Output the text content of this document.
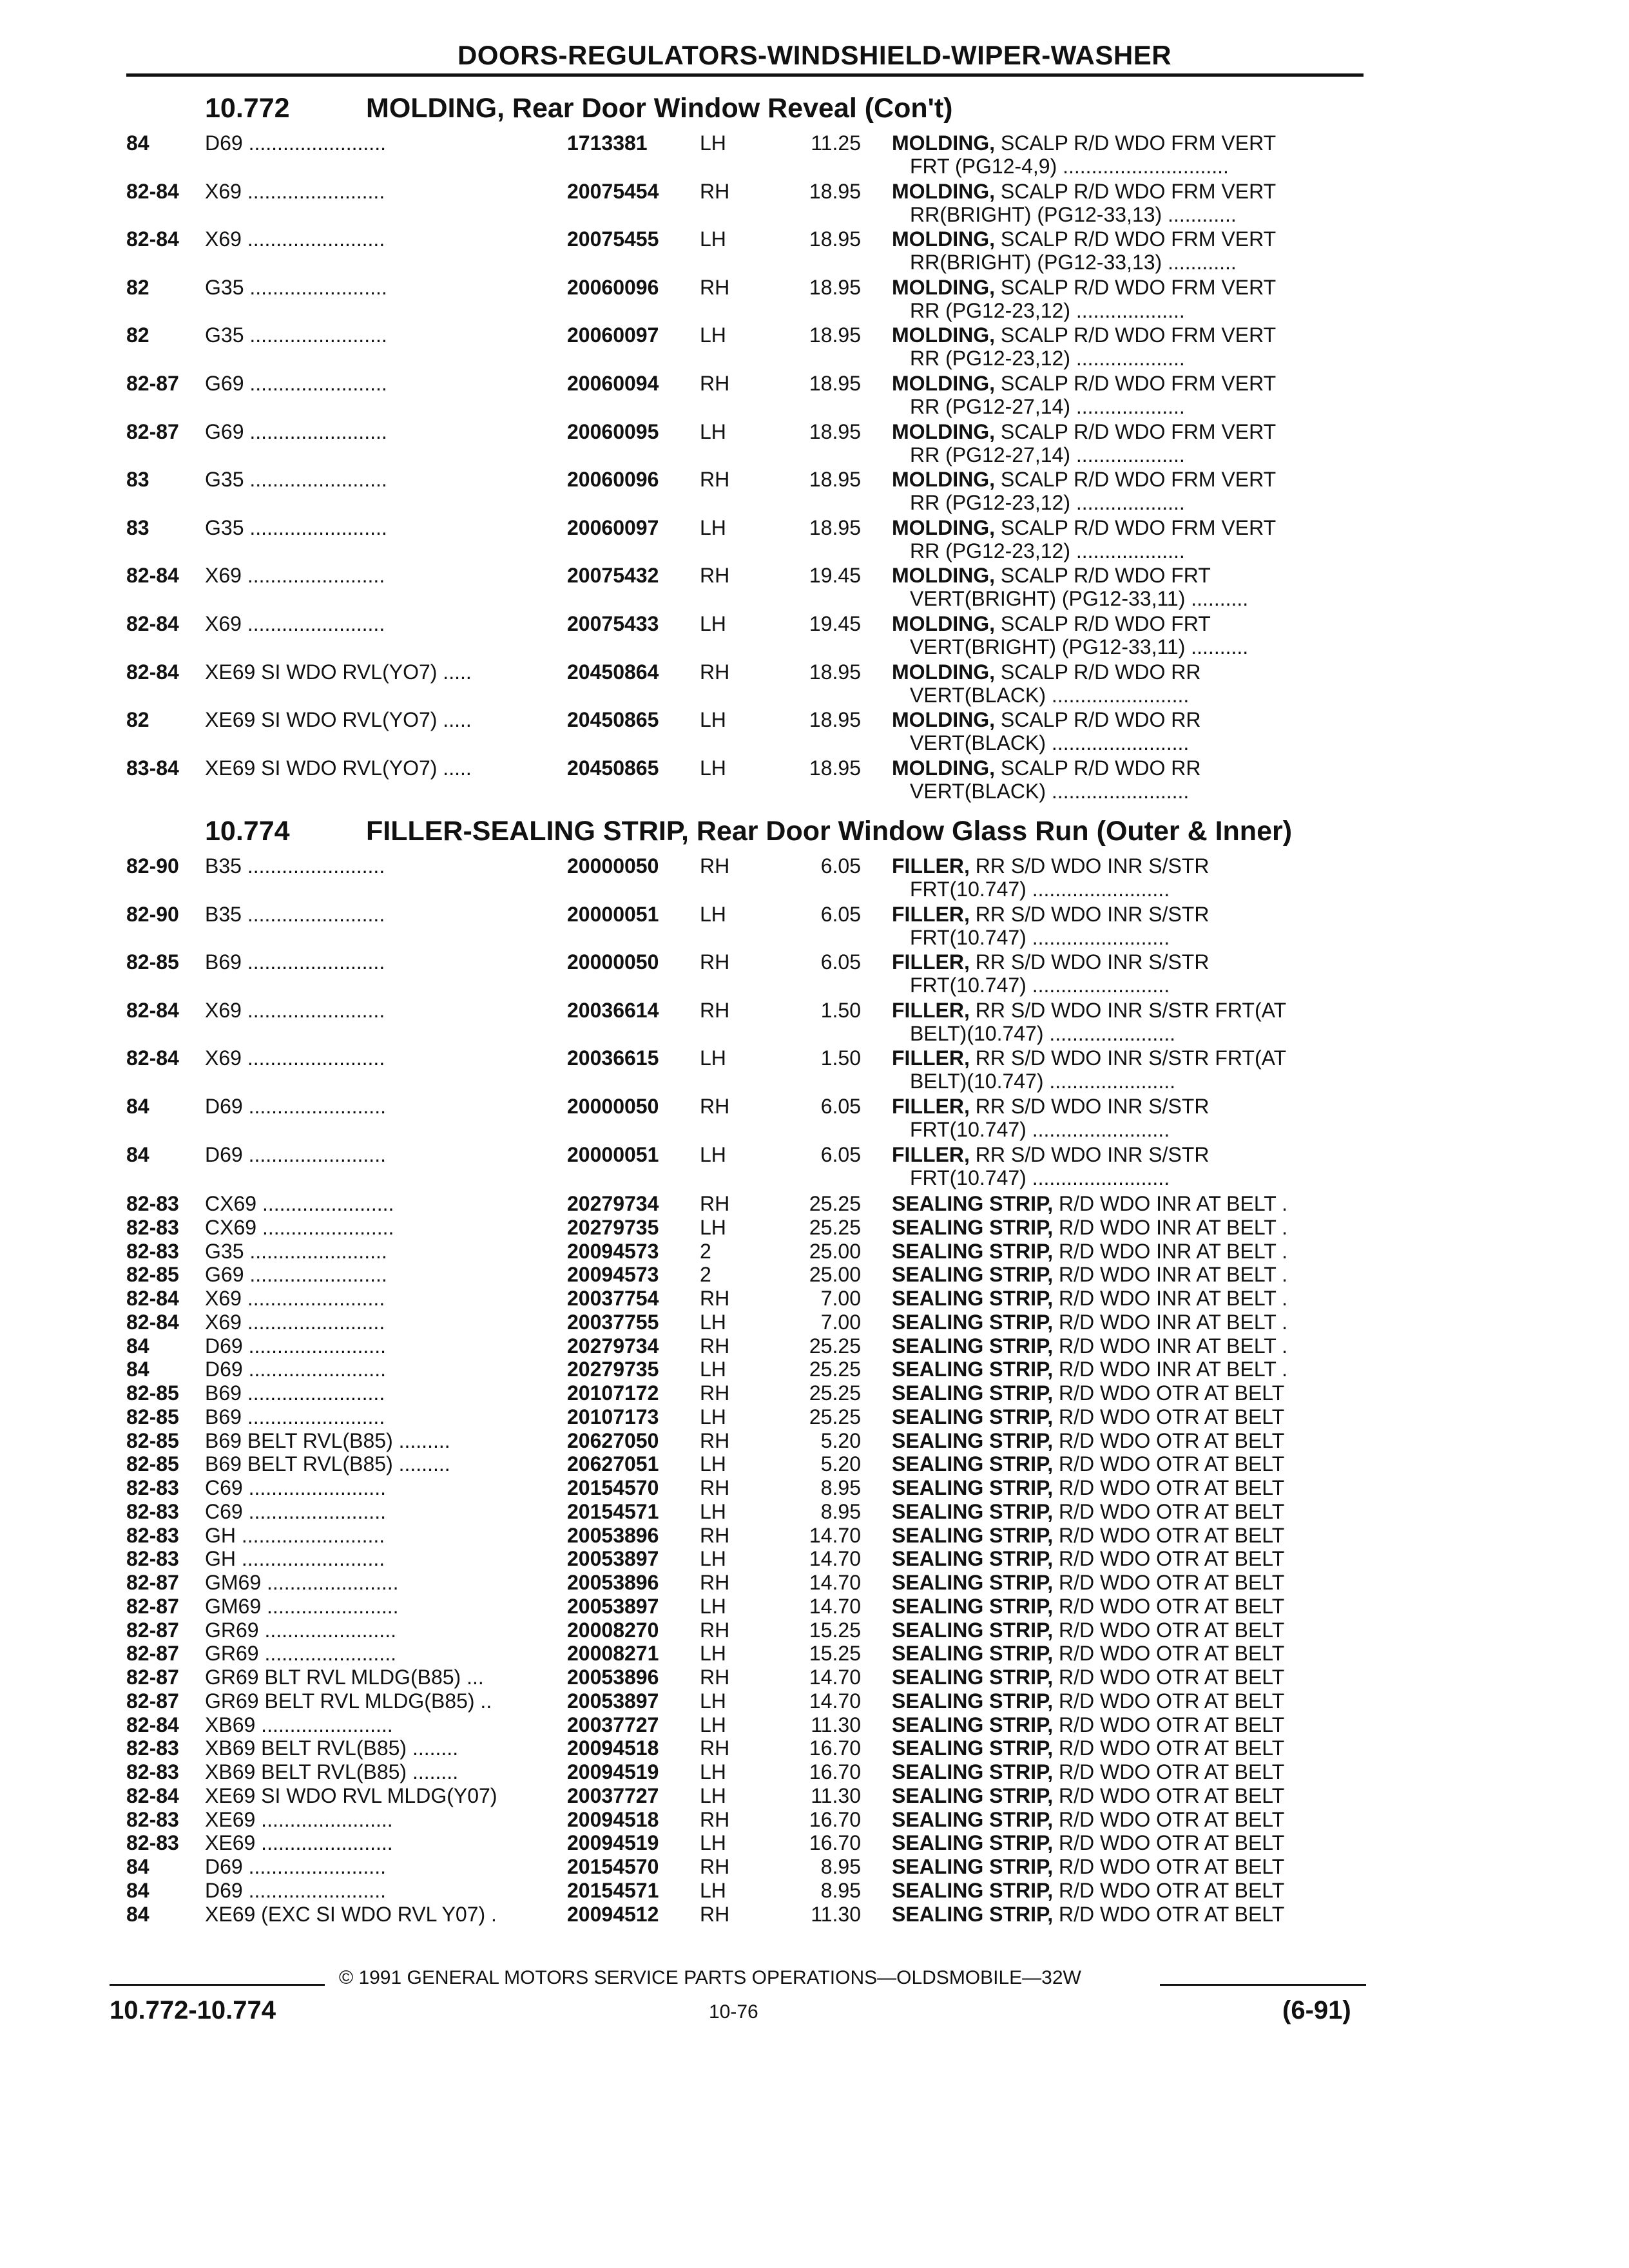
DOORS-REGULATORS-WINDSHIELD-WIPER-WASHER
10.772	MOLDING, Rear Door Window Reveal (Con't)
84	D69 ........................	1713381	LH	11.25 MOLDING, SCALP R/D WDO FRM VERT
FRT (PG12-4,9) .............................
82-84 X69 ........................	20075454 RH	18.95 MOLDING, SCALP R/D WDO FRM VERT
RR(BRIGHT) (PG12-33,13) ............
82-84 X69 ........................	20075455 LH	18.95 MOLDING, SCALP R/D WDO FRM VERT
RR(BRIGHT) (PG12-33,13) ............
82	G35 ........................	20060096 RH	18.95 MOLDING, SCALP R/D WDO FRM VERT
RR (PG12-23,12) ...................
82	G35 ........................	20060097 LH	18.95 MOLDING, SCALP R/D WDO FRM VERT
RR (PG12-23,12) ...................
82-87 G69 ........................	20060094 RH	18.95 MOLDING, SCALP R/D WDO FRM VERT
RR (PG12-27,14) ...................
82-87 G69 ........................	20060095 LH	18.95 MOLDING, SCALP R/D WDO FRM VERT
RR (PG12-27,14) ...................
83	G35 ........................	20060096 RH	18.95 MOLDING, SCALP R/D WDO FRM VERT
RR (PG12-23,12) ...................
83	G35 ........................	20060097 LH	18.95 MOLDING, SCALP R/D WDO FRM VERT
RR (PG12-23,12) ...................
82-84 X69 ........................	20075432 RH	19.45 MOLDING, SCALP R/D WDO FRT
VERT(BRIGHT) (PG12-33,11) ..........
82-84 X69 ........................	20075433 LH	19.45 MOLDING, SCALP R/D WDO FRT
VERT(BRIGHT) (PG12-33,11) ..........
82-84 XE69 SI WDO RVL(YO7) .....	20450864 RH	18.95 MOLDING, SCALP R/D WDO RR
VERT(BLACK) ........................
82	XE69 SI WDO RVL(YO7) .....	20450865 LH	18.95 MOLDING, SCALP R/D WDO RR
VERT(BLACK) ........................
83-84 XE69 SI WDO RVL(YO7) .....	20450865 LH	18.95 MOLDING, SCALP R/D WDO RR
VERT(BLACK) ........................
10.774	FILLER-SEALING STRIP, Rear Door Window Glass Run (Outer & Inner)
82-90 B35 ........................	20000050 RH	6.05 FILLER, RR S/D WDO INR S/STR
FRT(10.747) ........................
82-90 B35 ........................	20000051 LH	6.05 FILLER, RR S/D WDO INR S/STR
FRT(10.747) ........................
82-85 B69 ........................	20000050 RH	6.05 FILLER, RR S/D WDO INR S/STR
FRT(10.747) ........................
82-84 X69 ........................	20036614 RH	1.50 FILLER, RR S/D WDO INR S/STR FRT(AT
BELT)(10.747) ......................
82-84 X69 ........................	20036615 LH	1.50 FILLER, RR S/D WDO INR S/STR FRT(AT
BELT)(10.747) ......................
84	D69 ........................	20000050 RH	6.05 FILLER, RR S/D WDO INR S/STR
FRT(10.747) ........................
84	D69 ........................	20000051 LH	6.05 FILLER, RR S/D WDO INR S/STR
FRT(10.747) ........................
82-83 CX69 .......................	20279734 RH	25.25 SEALING STRIP, R/D WDO INR AT BELT .
82-83 CX69 .......................	20279735 LH	25.25 SEALING STRIP, R/D WDO INR AT BELT .
82-83 G35 ........................	20094573 2	25.00 SEALING STRIP, R/D WDO INR AT BELT .
82-85 G69 ........................	20094573 2	25.00 SEALING STRIP, R/D WDO INR AT BELT .
82-84 X69 ........................	20037754 RH	7.00 SEALING STRIP, R/D WDO INR AT BELT .
82-84 X69 ........................	20037755 LH	7.00 SEALING STRIP, R/D WDO INR AT BELT .
84	D69 ........................	20279734 RH	25.25 SEALING STRIP, R/D WDO INR AT BELT .
84	D69 ........................	20279735 LH	25.25 SEALING STRIP, R/D WDO INR AT BELT .
82-85 B69 ........................	20107172 RH	25.25 SEALING STRIP, R/D WDO OTR AT BELT
82-85 B69 ........................	20107173 LH	25.25 SEALING STRIP, R/D WDO OTR AT BELT
82-85 B69 BELT RVL(B85) .........	20627050 RH	5.20 SEALING STRIP, R/D WDO OTR AT BELT
82-85 B69 BELT RVL(B85) .........	20627051 LH	5.20 SEALING STRIP, R/D WDO OTR AT BELT
82-83 C69 ........................	20154570 RH	8.95 SEALING STRIP, R/D WDO OTR AT BELT
82-83 C69 ........................	20154571 LH	8.95 SEALING STRIP, R/D WDO OTR AT BELT
82-83 GH .........................	20053896 RH	14.70 SEALING STRIP, R/D WDO OTR AT BELT
82-83 GH .........................	20053897 LH	14.70 SEALING STRIP, R/D WDO OTR AT BELT
82-87 GM69 .......................	20053896 RH	14.70 SEALING STRIP, R/D WDO OTR AT BELT
82-87 GM69 .......................	20053897 LH	14.70 SEALING STRIP, R/D WDO OTR AT BELT
82-87 GR69 .......................	20008270 RH	15.25 SEALING STRIP, R/D WDO OTR AT BELT
82-87 GR69 .......................	20008271 LH	15.25 SEALING STRIP, R/D WDO OTR AT BELT
82-87 GR69 BLT RVL MLDG(B85) ...	20053896 RH	14.70 SEALING STRIP, R/D WDO OTR AT BELT
82-87 GR69 BELT RVL MLDG(B85) ..	20053897 LH	14.70 SEALING STRIP, R/D WDO OTR AT BELT
82-84 XB69 .......................	20037727 LH	11.30 SEALING STRIP, R/D WDO OTR AT BELT
82-83 XB69 BELT RVL(B85) ........	20094518 RH	16.70 SEALING STRIP, R/D WDO OTR AT BELT
82-83 XB69 BELT RVL(B85) ........	20094519 LH	16.70 SEALING STRIP, R/D WDO OTR AT BELT
82-84 XE69 SI WDO RVL MLDG(Y07)	20037727 LH	11.30 SEALING STRIP, R/D WDO OTR AT BELT
82-83 XE69 .......................	20094518 RH	16.70 SEALING STRIP, R/D WDO OTR AT BELT
82-83 XE69 .......................	20094519 LH	16.70 SEALING STRIP, R/D WDO OTR AT BELT
84	D69 ........................	20154570 RH	8.95 SEALING STRIP, R/D WDO OTR AT BELT
84	D69 ........................	20154571 LH	8.95 SEALING STRIP, R/D WDO OTR AT BELT
84	XE69 (EXC SI WDO RVL Y07) .	20094512 RH	11.30 SEALING STRIP, R/D WDO OTR AT BELT
© 1991 GENERAL MOTORS SERVICE PARTS OPERATIONS—OLDSMOBILE—32W
10.772-10.774	10-76	(6-91)
